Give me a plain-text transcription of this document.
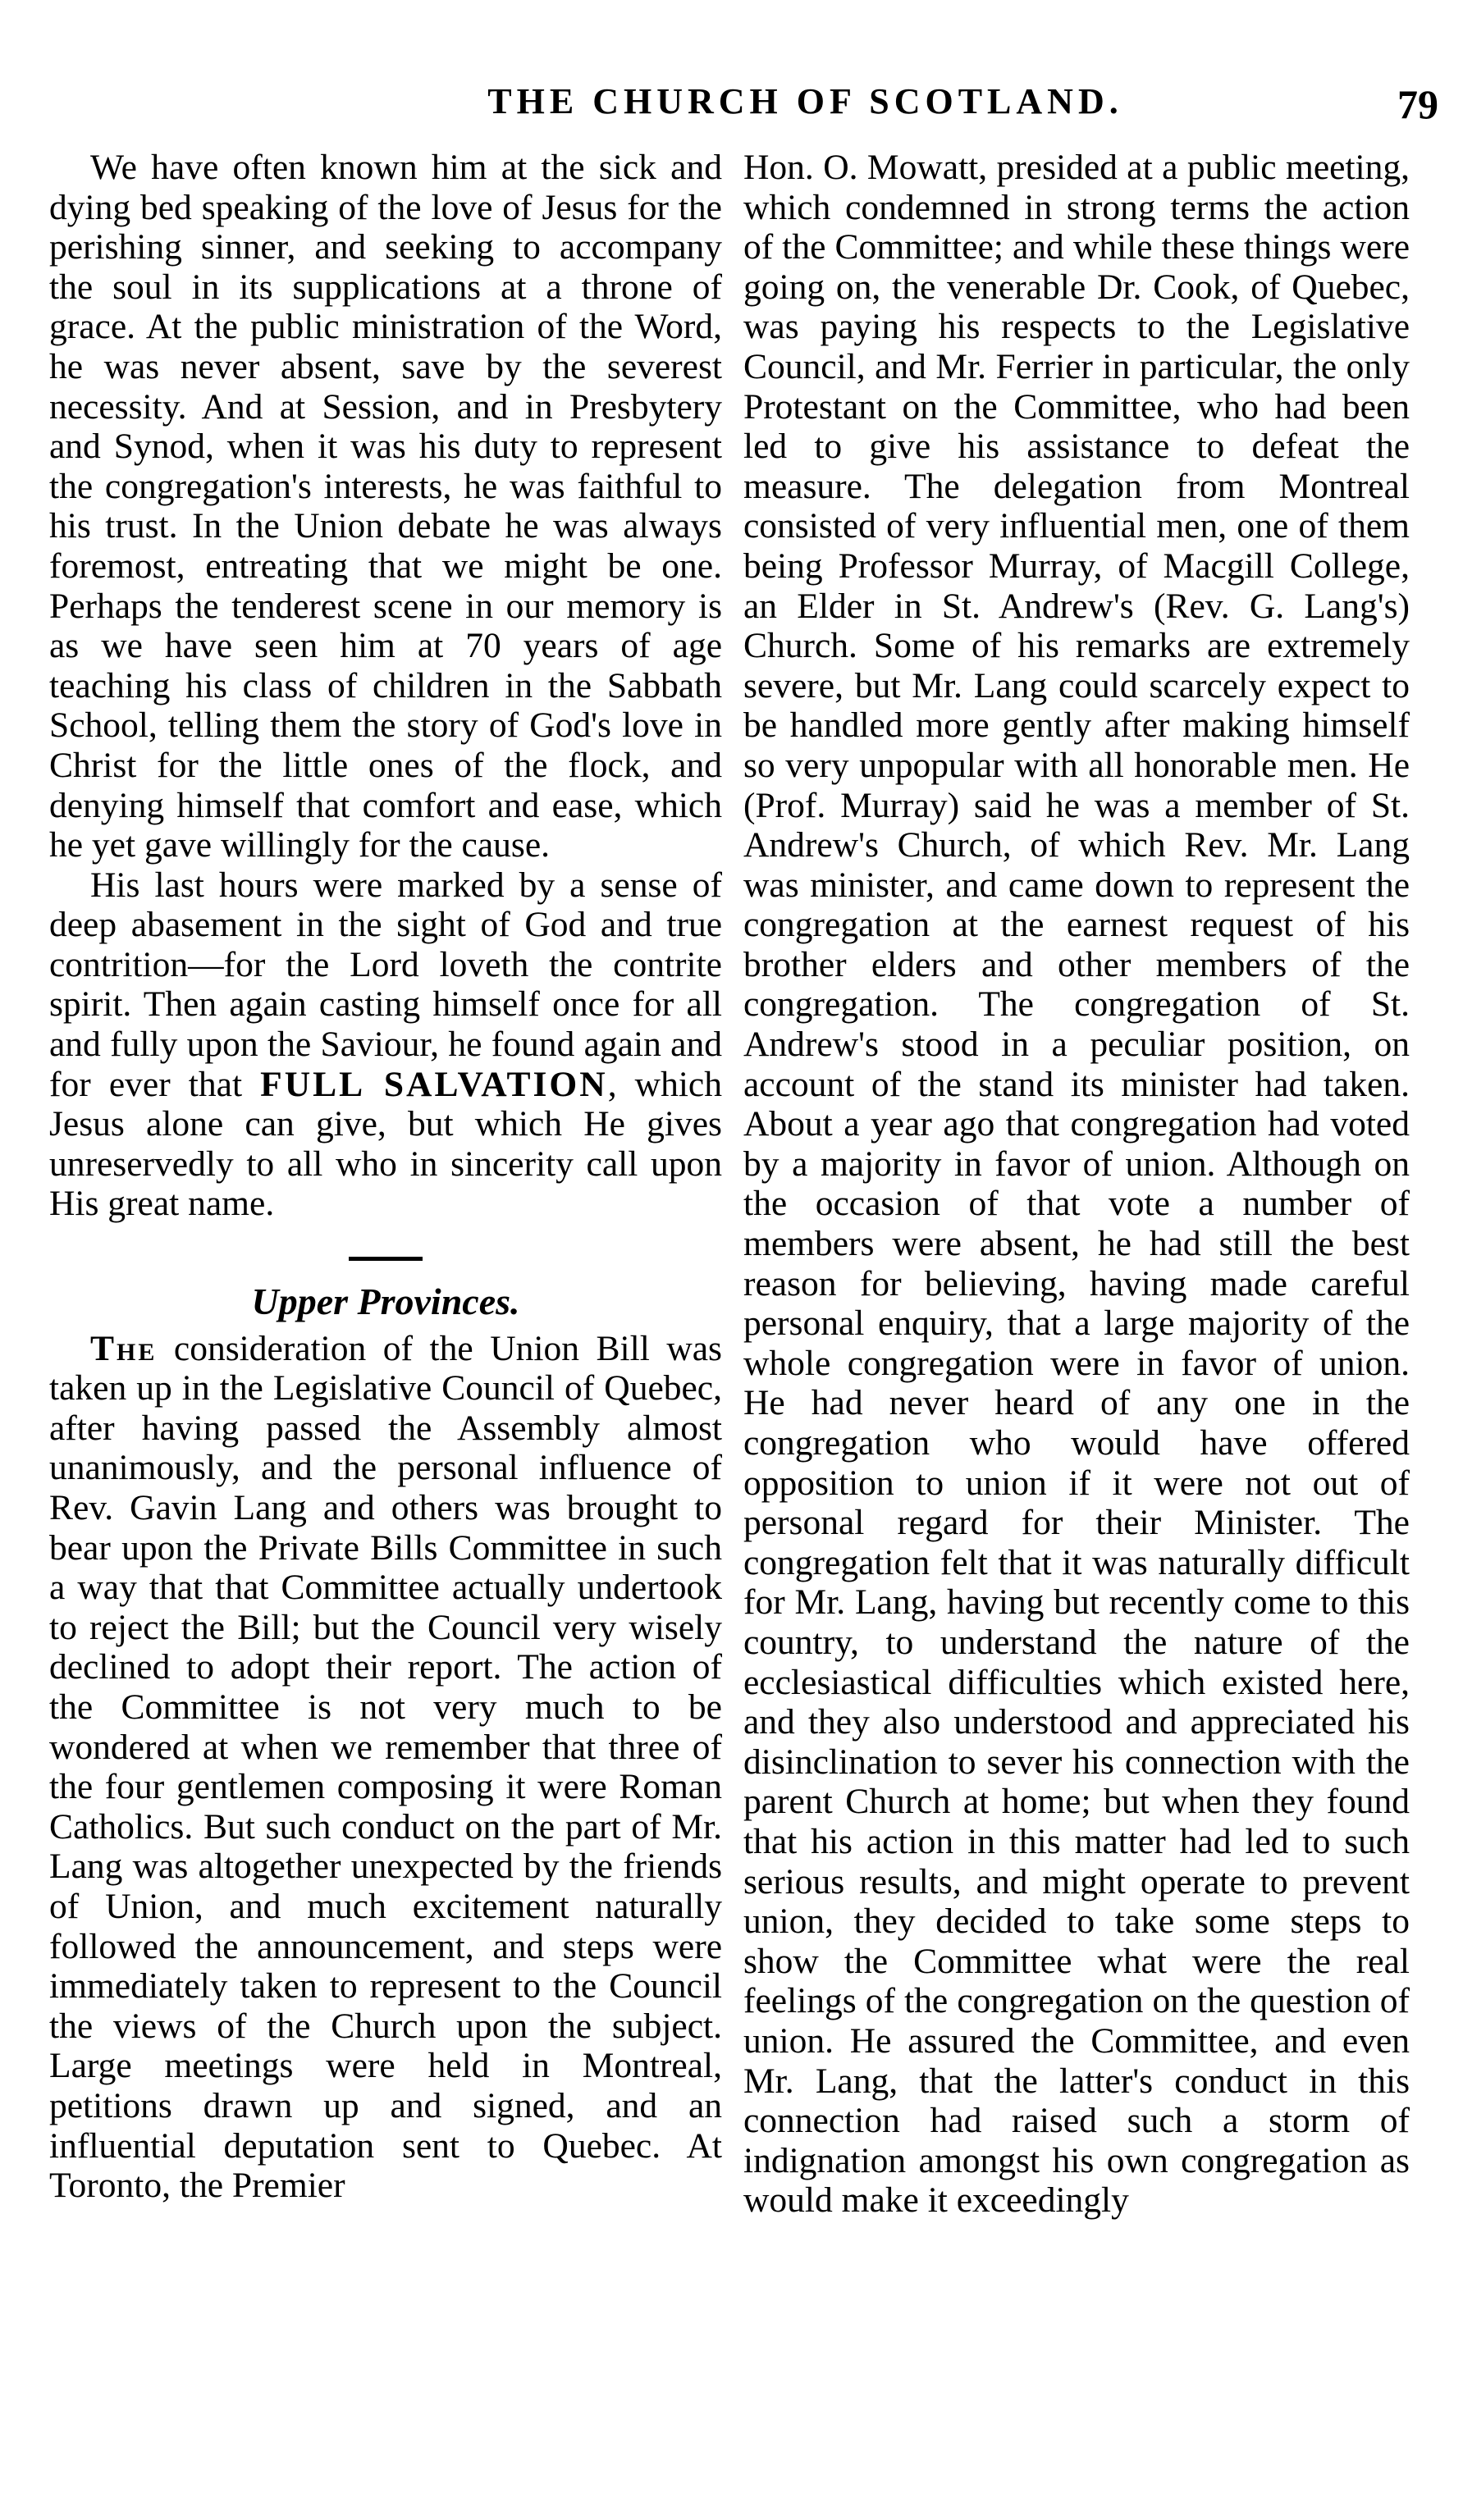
THE CHURCH OF SCOTLAND.	79

We have often known him at the sick and dying bed speaking of the love of Jesus for the perishing sinner, and seeking to accompany the soul in its supplications at a throne of grace. At the public ministration of the Word, he was never absent, save by the severest necessity. And at Session, and in Presbytery and Synod, when it was his duty to represent the congregation's interests, he was faithful to his trust. In the Union debate he was always foremost, entreating that we might be one. Perhaps the tenderest scene in our memory is as we have seen him at 70 years of age teaching his class of children in the Sabbath School, telling them the story of God's love in Christ for the little ones of the flock, and denying himself that comfort and ease, which he yet gave willingly for the cause.

His last hours were marked by a sense of deep abasement in the sight of God and true contrition—for the Lord loveth the contrite spirit. Then again casting himself once for all and fully upon the Saviour, he found again and for ever that FULL SALVATION, which Jesus alone can give, but which He gives unreservedly to all who in sincerity call upon His great name.

Upper Provinces.

The consideration of the Union Bill was taken up in the Legislative Council of Quebec, after having passed the Assembly almost unanimously, and the personal influence of Rev. Gavin Lang and others was brought to bear upon the Private Bills Committee in such a way that that Committee actually undertook to reject the Bill; but the Council very wisely declined to adopt their report. The action of the Committee is not very much to be wondered at when we remember that three of the four gentlemen composing it were Roman Catholics. But such conduct on the part of Mr. Lang was altogether unexpected by the friends of Union, and much excitement naturally followed the announcement, and steps were immediately taken to represent to the Council the views of the Church upon the subject. Large meetings were held in Montreal, petitions drawn up and signed, and an influential deputation sent to Quebec. At Toronto, the Premier

Hon. O. Mowatt, presided at a public meeting, which condemned in strong terms the action of the Committee; and while these things were going on, the venerable Dr. Cook, of Quebec, was paying his respects to the Legislative Council, and Mr. Ferrier in particular, the only Protestant on the Committee, who had been led to give his assistance to defeat the measure. The delegation from Montreal consisted of very influential men, one of them being Professor Murray, of Macgill College, an Elder in St. Andrew's (Rev. G. Lang's) Church. Some of his remarks are extremely severe, but Mr. Lang could scarcely expect to be handled more gently after making himself so very unpopular with all honorable men. He (Prof. Murray) said he was a member of St. Andrew's Church, of which Rev. Mr. Lang was minister, and came down to represent the congregation at the earnest request of his brother elders and other members of the congregation. The congregation of St. Andrew's stood in a peculiar position, on account of the stand its minister had taken. About a year ago that congregation had voted by a majority in favor of union. Although on the occasion of that vote a number of members were absent, he had still the best reason for believing, having made careful personal enquiry, that a large majority of the whole congregation were in favor of union. He had never heard of any one in the congregation who would have offered opposition to union if it were not out of personal regard for their Minister. The congregation felt that it was naturally difficult for Mr. Lang, having but recently come to this country, to understand the nature of the ecclesiastical difficulties which existed here, and they also understood and appreciated his disinclination to sever his connection with the parent Church at home; but when they found that his action in this matter had led to such serious results, and might operate to prevent union, they decided to take some steps to show the Committee what were the real feelings of the congregation on the question of union. He assured the Committee, and even Mr. Lang, that the latter's conduct in this connection had raised such a storm of indignation amongst his own congregation as would make it exceedingly
